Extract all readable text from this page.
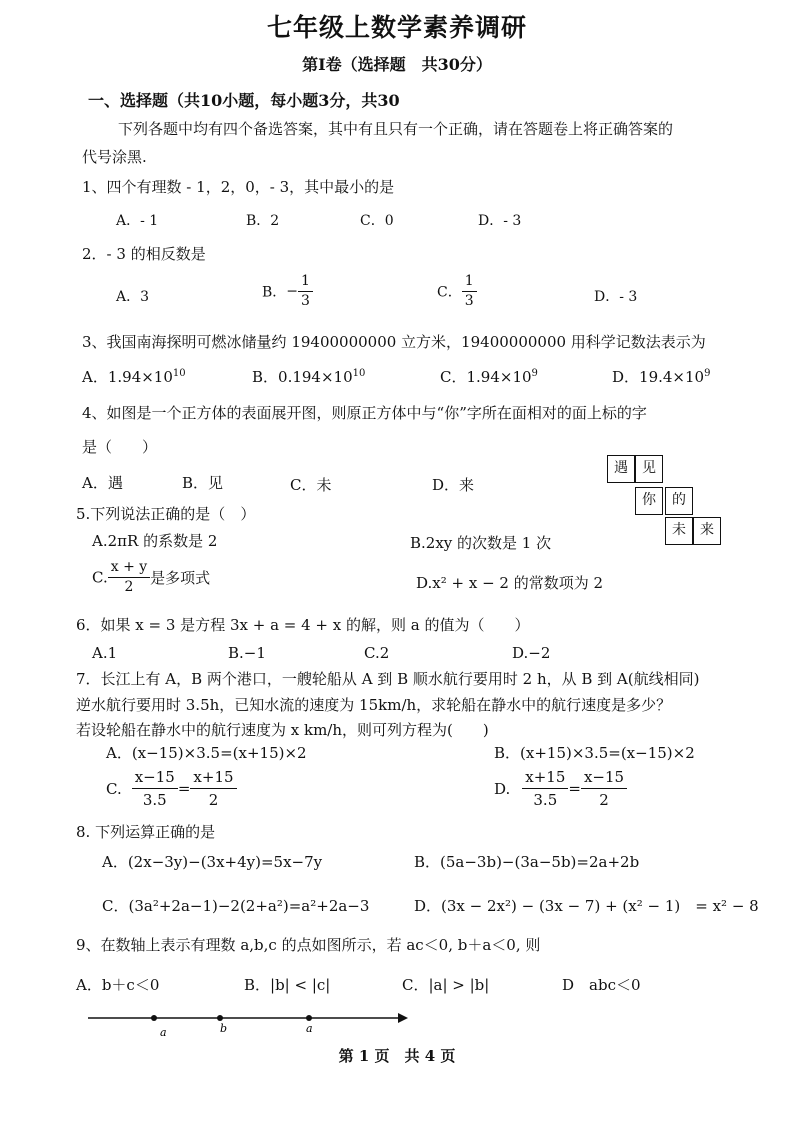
七年级上数学素养调研
第Ⅰ卷（选择题　共30分）
一、选择题（共10小题，每小题3分，共30
下列各题中均有四个备选答案，其中有且只有一个正确，请在答题卷上将正确答案的
代号涂黑.
1、四个有理数 - 1，2，0，- 3，其中最小的是
A．- 1	B．2	C．0	D．- 3
2．- 3 的相反数是
A．3	B．− $\frac{1}{3}$	C． $\frac{1}{3}$	D．- 3
3、我国南海探明可燃冰储量约 19400000000 立方米，19400000000 用科学记数法表示为
A．$1.94\times 10^{10}$	B．$0.194\times 10^{10}$	C．$1.94\times 10^9$	D．$19.4\times 10^9$
4、如图是一个正方体的表面展开图，则原正方体中与“你”字所在面相对的面上标的字
是（　　）
A．遇	B．见	C．未	D．来
遇	见
你	的
未	来
5.下列说法正确的是（　）
A.2πR 的系数是 2	B.2xy 的次数是 1 次
C. $\frac{x + y}{2}$ 是多项式	D.x² + x − 2 的常数项为 2
6．如果 x = 3 是方程 3x + a = 4 + x 的解，则 a 的值为（　　）
A.1	B.−1	C.2	D.−2
7．长江上有 A，B 两个港口，一艘轮船从 A 到 B 顺水航行要用时 2 h，从 B 到 A(航线相同)
逆水航行要用时 3.5h，已知水流的速度为 15km/h，求轮船在静水中的航行速度是多少？
若设轮船在静水中的航行速度为 x km/h，则可列方程为(　　)
A．(x−15)×3.5=(x+15)×2	B．(x+15)×3.5=(x−15)×2
C. $\frac{x-15}{3.5} = \frac{x+15}{2}$	D. $\frac{x+15}{3.5} = \frac{x-15}{2}$
8. 下列运算正确的是
A．(2x−3y)−(3x+4y)=5x−7y	B．(5a−3b)−(3a−5b)=2a+2b
C．(3a²+2a−1)−2(2+a²)=a²+2a−3	D．(3x − 2x²) − (3x − 7) + (x² − 1)　= x² − 8
9、在数轴上表示有理数 a,b,c 的点如图所示，若 ac＜0, b＋a＜0, 则
A．b＋c＜0	B．|b| < |c|	C．|a| > |b|	D　abc＜0
a	b	a
第 1 页　共 4 页
